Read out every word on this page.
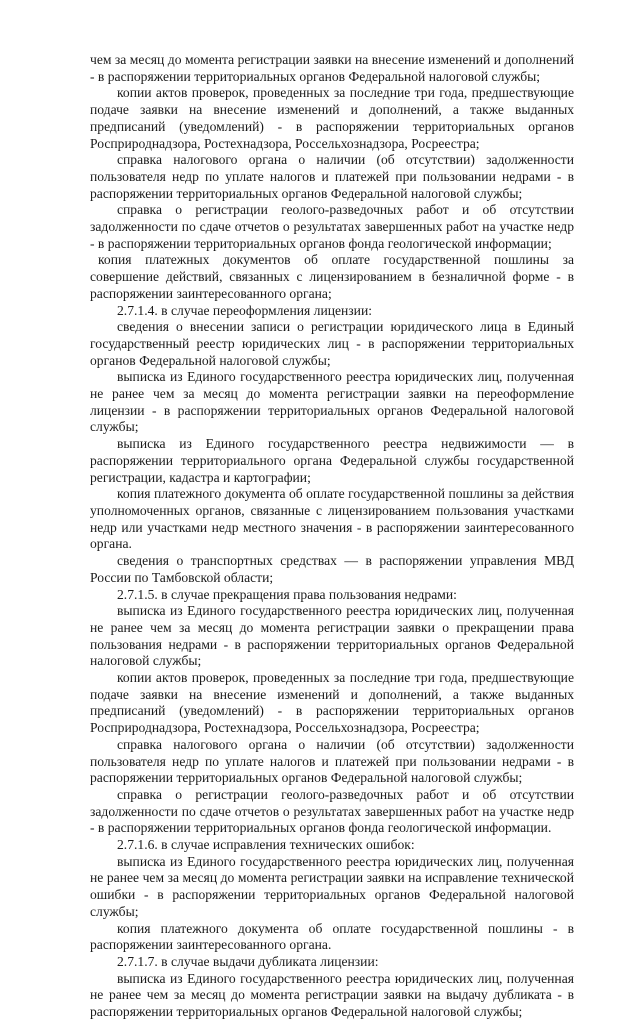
чем за месяц до момента регистрации заявки на внесение изменений и дополнений - в распоряжении территориальных органов Федеральной налоговой службы;

копии актов проверок, проведенных за последние три года, предшествующие подаче заявки на внесение изменений и дополнений, а также выданных предписаний (уведомлений) - в распоряжении территориальных органов Росприроднадзора, Ростехнадзора, Россельхознадзора, Росреестра;

справка налогового органа о наличии (об отсутствии) задолженности пользователя недр по уплате налогов и платежей при пользовании недрами - в распоряжении территориальных органов Федеральной налоговой службы;

справка о регистрации геолого-разведочных работ и об отсутствии задолженности по сдаче отчетов о результатах завершенных работ на участке недр - в распоряжении территориальных органов фонда геологической информации;

копия платежных документов об оплате государственной пошлины за совершение действий, связанных с лицензированием в безналичной форме - в распоряжении заинтересованного органа;

2.7.1.4. в случае переоформления лицензии:

сведения о внесении записи о регистрации юридического лица в Единый государственный реестр юридических лиц - в распоряжении территориальных органов Федеральной налоговой службы;

выписка из Единого государственного реестра юридических лиц, полученная не ранее чем за месяц до момента регистрации заявки на переоформление лицензии - в распоряжении территориальных органов Федеральной налоговой службы;

выписка из Единого государственного реестра недвижимости — в распоряжении территориального органа Федеральной службы государственной регистрации, кадастра и картографии;

копия платежного документа об оплате государственной пошлины за действия уполномоченных органов, связанные с лицензированием пользования участками недр или участками недр местного значения - в распоряжении заинтересованного органа.

сведения о транспортных средствах — в распоряжении управления МВД России по Тамбовской области;

2.7.1.5. в случае прекращения права пользования недрами:

выписка из Единого государственного реестра юридических лиц, полученная не ранее чем за месяц до момента регистрации заявки о прекращении права пользования недрами - в распоряжении территориальных органов Федеральной налоговой службы;

копии актов проверок, проведенных за последние три года, предшествующие подаче заявки на внесение изменений и дополнений, а также выданных предписаний (уведомлений) - в распоряжении территориальных органов Росприроднадзора, Ростехнадзора, Россельхознадзора, Росреестра;

справка налогового органа о наличии (об отсутствии) задолженности пользователя недр по уплате налогов и платежей при пользовании недрами - в распоряжении территориальных органов Федеральной налоговой службы;

справка о регистрации геолого-разведочных работ и об отсутствии задолженности по сдаче отчетов о результатах завершенных работ на участке недр - в распоряжении территориальных органов фонда геологической информации.

2.7.1.6. в случае исправления технических ошибок:

выписка из Единого государственного реестра юридических лиц, полученная не ранее чем за месяц до момента регистрации заявки на исправление технической ошибки - в распоряжении территориальных органов Федеральной налоговой службы;

копия платежного документа об оплате государственной пошлины - в распоряжении заинтересованного органа.

2.7.1.7. в случае выдачи дубликата лицензии:

выписка из Единого государственного реестра юридических лиц, полученная не ранее чем за месяц до момента регистрации заявки на выдачу дубликата - в распоряжении территориальных органов Федеральной налоговой службы;
